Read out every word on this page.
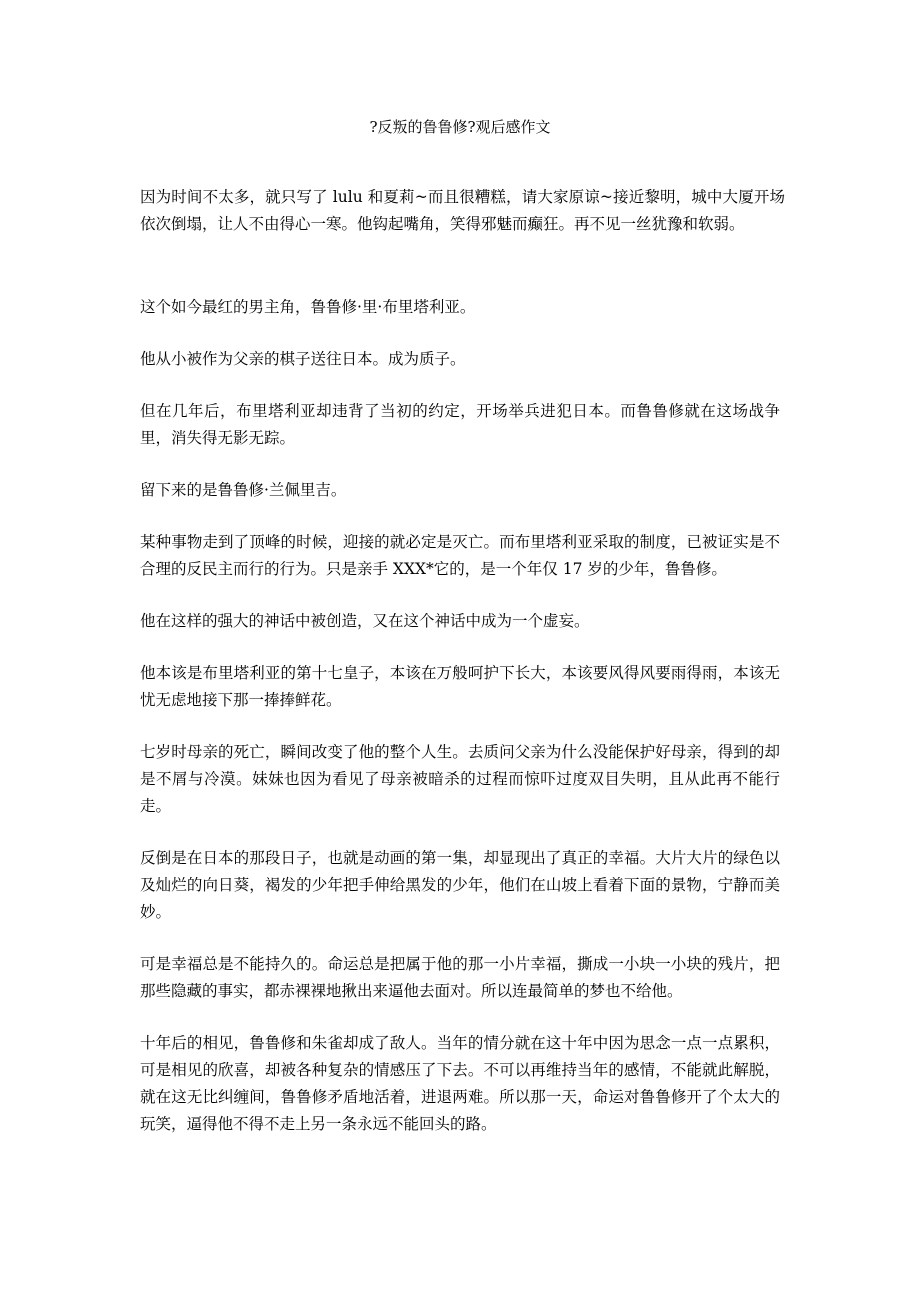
?反叛的鲁鲁修?观后感作文

因为时间不太多，就只写了 lulu 和夏莉~而且很糟糕，请大家原谅~接近黎明，城中大厦开场依次倒塌，让人不由得心一寒。他钩起嘴角，笑得邪魅而癫狂。再不见一丝犹豫和软弱。

这个如今最红的男主角，鲁鲁修·里·布里塔利亚。

他从小被作为父亲的棋子送往日本。成为质子。

但在几年后，布里塔利亚却违背了当初的约定，开场举兵进犯日本。而鲁鲁修就在这场战争里，消失得无影无踪。

留下来的是鲁鲁修·兰佩里吉。

某种事物走到了顶峰的时候，迎接的就必定是灭亡。而布里塔利亚采取的制度，已被证实是不合理的反民主而行的行为。只是亲手 XXX*它的，是一个年仅 17 岁的少年，鲁鲁修。

他在这样的强大的神话中被创造，又在这个神话中成为一个虚妄。

他本该是布里塔利亚的第十七皇子，本该在万般呵护下长大，本该要风得风要雨得雨，本该无忧无虑地接下那一捧捧鲜花。

七岁时母亲的死亡，瞬间改变了他的整个人生。去质问父亲为什么没能保护好母亲，得到的却是不屑与冷漠。妹妹也因为看见了母亲被暗杀的过程而惊吓过度双目失明，且从此再不能行走。

反倒是在日本的那段日子，也就是动画的第一集，却显现出了真正的幸福。大片大片的绿色以及灿烂的向日葵，褐发的少年把手伸给黑发的少年，他们在山坡上看着下面的景物，宁静而美妙。

可是幸福总是不能持久的。命运总是把属于他的那一小片幸福，撕成一小块一小块的残片，把那些隐藏的事实，都赤裸裸地揪出来逼他去面对。所以连最简单的梦也不给他。

十年后的相见，鲁鲁修和朱雀却成了敌人。当年的情分就在这十年中因为思念一点一点累积，可是相见的欣喜，却被各种复杂的情感压了下去。不可以再维持当年的感情，不能就此解脱，就在这无比纠缠间，鲁鲁修矛盾地活着，进退两难。所以那一天，命运对鲁鲁修开了个太大的玩笑，逼得他不得不走上另一条永远不能回头的路。
